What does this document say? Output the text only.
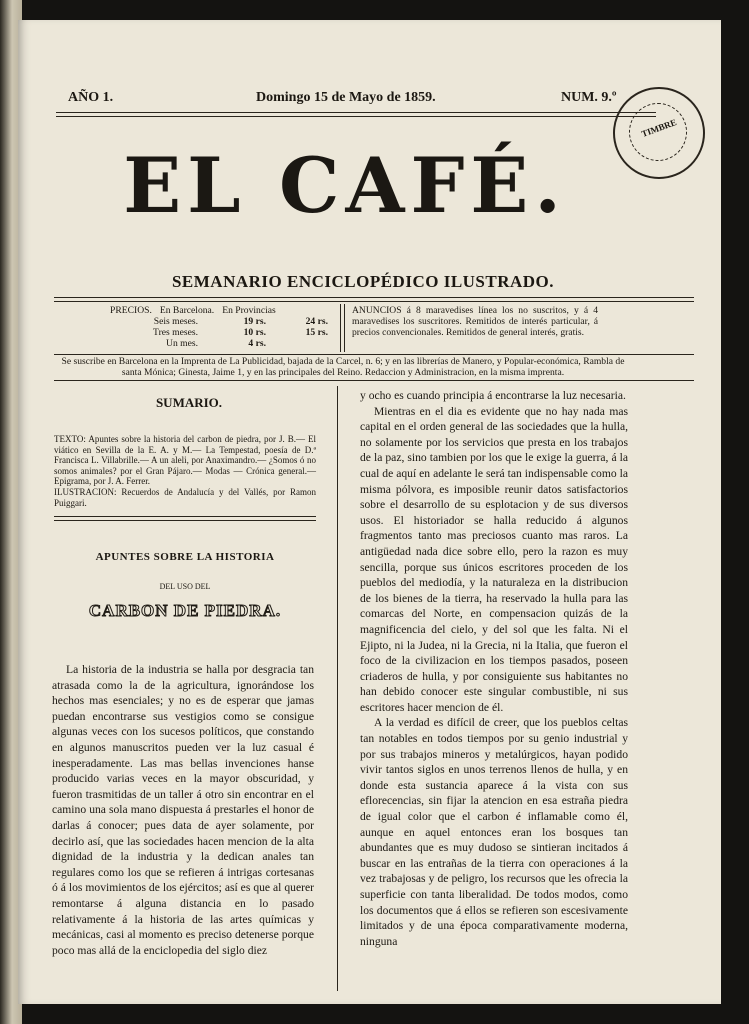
AÑO 1.	Domingo 15 de Mayo de 1859.	NUM. 9.º
TIMBRE
EL CAFÉ.
SEMANARIO ENCICLOPÉDICO ILUSTRADO.
PRECIOS. En Barcelona. En Provincias
Seis meses.	19 rs.	24 rs.
Tres meses.	10 rs.	15 rs.
Un mes.	4 rs.
ANUNCIOS á 8 maravedises línea los no suscritos, y á 4 maravedises los suscritores. Remitidos de interés particular, á precios convencionales. Remitidos de general interés, gratis.
Se suscribe en Barcelona en la Imprenta de La Publicidad, bajada de la Carcel, n. 6; y en las librerías de Manero, y Popular-económica, Rambla de santa Mónica; Ginesta, Jaime 1, y en las principales del Reino. Redaccion y Administracion, en la misma imprenta.
SUMARIO.
TEXTO: Apuntes sobre la historia del carbon de piedra, por J. B.— El viático en Sevilla de la E. A. y M.— La Tempestad, poesía de D.ª Francisca L. Villabrille.— A un aleli, por Anaximandro.— ¿Somos ó no somos animales? por el Gran Pájaro.— Modas — Crónica general.— Epigrama, por J. A. Ferrer.
ILUSTRACION: Recuerdos de Andalucía y del Vallés, por Ramon Puiggari.
APUNTES SOBRE LA HISTORIA
DEL USO DEL
CARBON DE PIEDRA.
La historia de la industria se halla por desgracia tan atrasada como la de la agricultura, ignorándose los hechos mas esenciales; y no es de esperar que jamas puedan encontrarse sus vestigios como se consigue algunas veces con los sucesos políticos, que constando en algunos manuscritos pueden ver la luz casual é inesperadamente. Las mas bellas invenciones hanse producido varias veces en la mayor obscuridad, y fueron trasmitidas de un taller á otro sin encontrar en el camino una sola mano dispuesta á prestarles el honor de darlas á conocer; pues data de ayer solamente, por decirlo así, que las sociedades hacen mencion de la alta dignidad de la industria y la dedican anales tan regulares como los que se refieren á intrigas cortesanas ó á los movimientos de los ejércitos; así es que al querer remontarse á alguna distancia en lo pasado relativamente á la historia de las artes químicas y mecánicas, casi al momento es preciso detenerse porque poco mas allá de la enciclopedia del siglo diez
y ocho es cuando principia á encontrarse la luz necesaria.
Mientras en el dia es evidente que no hay nada mas capital en el orden general de las sociedades que la hulla, no solamente por los servicios que presta en los trabajos de la paz, sino tambien por los que le exige la guerra, á la cual de aquí en adelante le será tan indispensable como la misma pólvora, es imposible reunir datos satisfactorios sobre el desarrollo de su esplotacion y de sus diversos usos. El historiador se halla reducido á algunos fragmentos tanto mas preciosos cuanto mas raros. La antigüedad nada dice sobre ello, pero la razon es muy sencilla, porque sus únicos escritores proceden de los pueblos del mediodía, y la naturaleza en la distribucion de los bienes de la tierra, ha reservado la hulla para las comarcas del Norte, en compensacion quizás de la magnificencia del cielo, y del sol que les falta. Ni el Ejipto, ni la Judea, ni la Grecia, ni la Italia, que fueron el foco de la civilizacion en los tiempos pasados, poseen criaderos de hulla, y por consiguiente sus habitantes no han debido conocer este singular combustible, ni sus escritores hacer mencion de él.
A la verdad es difícil de creer, que los pueblos celtas tan notables en todos tiempos por su genio industrial y por sus trabajos mineros y metalúrgicos, hayan podido vivir tantos siglos en unos terrenos llenos de hulla, y en donde esta sustancia aparece á la vista con sus eflorecencias, sin fijar la atencion en esa estraña piedra de igual color que el carbon é inflamable como él, aunque en aquel entonces eran los bosques tan abundantes que es muy dudoso se sintieran incitados á buscar en las entrañas de la tierra con operaciones á la vez trabajosas y de peligro, los recursos que les ofrecia la superficie con tanta liberalidad. De todos modos, como los documentos que á ellos se refieren son escesivamente limitados y de una época comparativamente moderna, ninguna
